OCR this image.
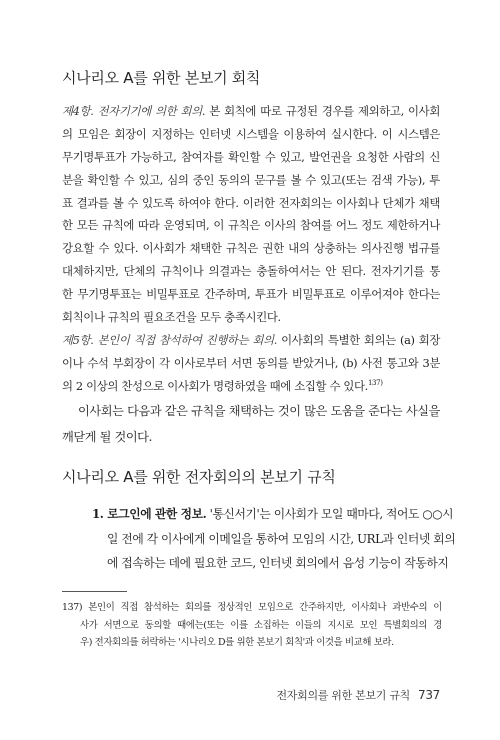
시나리오 A를 위한 본보기 회칙
제4항. 전자기기에 의한 회의. 본 회칙에 따로 규정된 경우를 제외하고, 이사회
의 모임은 회장이 지정하는 인터넷 시스템을 이용하여 실시한다. 이 시스템은
무기명투표가 가능하고, 참여자를 확인할 수 있고, 발언권을 요청한 사람의 신
분을 확인할 수 있고, 심의 중인 동의의 문구를 볼 수 있고(또는 검색 가능), 투
표 결과를 볼 수 있도록 하여야 한다. 이러한 전자회의는 이사회나 단체가 채택
한 모든 규칙에 따라 운영되며, 이 규칙은 이사의 참여를 어느 정도 제한하거나
강요할 수 있다. 이사회가 채택한 규칙은 권한 내의 상충하는 의사진행 법규를
대체하지만, 단체의 규칙이나 의결과는 충돌하여서는 안 된다. 전자기기를 통
한 무기명투표는 비밀투표로 간주하며, 투표가 비밀투표로 이루어져야 한다는
회칙이나 규칙의 필요조건을 모두 충족시킨다.
제5항. 본인이 직접 참석하여 진행하는 회의. 이사회의 특별한 회의는 (a) 회장
이나 수석 부회장이 각 이사로부터 서면 동의를 받았거나, (b) 사전 통고와 3분
의 2 이상의 찬성으로 이사회가 명령하였을 때에 소집할 수 있다.$^{137)}$
이사회는 다음과 같은 규칙을 채택하는 것이 많은 도움을 준다는 사실을
깨닫게 될 것이다.
시나리오 A를 위한 전자회의의 본보기 규칙
1. 로그인에 관한 정보. '통신서기'는 이사회가 모일 때마다, 적어도 ○○시
일 전에 각 이사에게 이메일을 통하여 모임의 시간, URL과 인터넷 회의
에 접속하는 데에 필요한 코드, 인터넷 회의에서 음성 기능이 작동하지
137) 본인이 직접 참석하는 회의를 정상적인 모임으로 간주하지만, 이사회나 과반수의 이
사가 서면으로 동의할 때에는(또는 이를 소집하는 이들의 지시로 모인 특별회의의 경
우) 전자회의를 허락하는 '시나리오 D를 위한 본보기 회칙'과 이것을 비교해 보라.
전자회의를 위한 본보기 규칙 737
